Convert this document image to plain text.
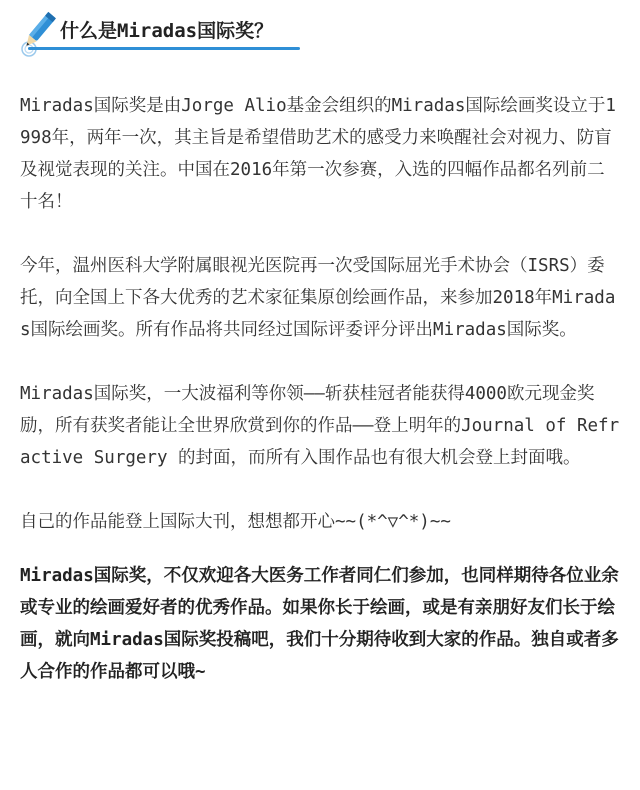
什么是Miradas国际奖？

Miradas国际奖是由Jorge Alio基金会组织的Miradas国际绘画奖设立于1998年，两年一次，其主旨是希望借助艺术的感受力来唤醒社会对视力、防盲及视觉表现的关注。中国在2016年第一次参赛，入选的四幅作品都名列前二十名！

今年，温州医科大学附属眼视光医院再一次受国际屈光手术协会（ISRS）委托，向全国上下各大优秀的艺术家征集原创绘画作品，来参加2018年Miradas国际绘画奖。所有作品将共同经过国际评委评分评出Miradas国际奖。

Miradas国际奖，一大波福利等你领——斩获桂冠者能获得4000欧元现金奖励，所有获奖者能让全世界欣赏到你的作品——登上明年的Journal of Refractive Surgery 的封面，而所有入围作品也有很大机会登上封面哦。

自己的作品能登上国际大刊，想想都开心~~(*^▽^*)~~

Miradas国际奖，不仅欢迎各大医务工作者同仁们参加，也同样期待各位业余或专业的绘画爱好者的优秀作品。如果你长于绘画，或是有亲朋好友们长于绘画，就向Miradas国际奖投稿吧，我们十分期待收到大家的作品。独自或者多人合作的作品都可以哦~
